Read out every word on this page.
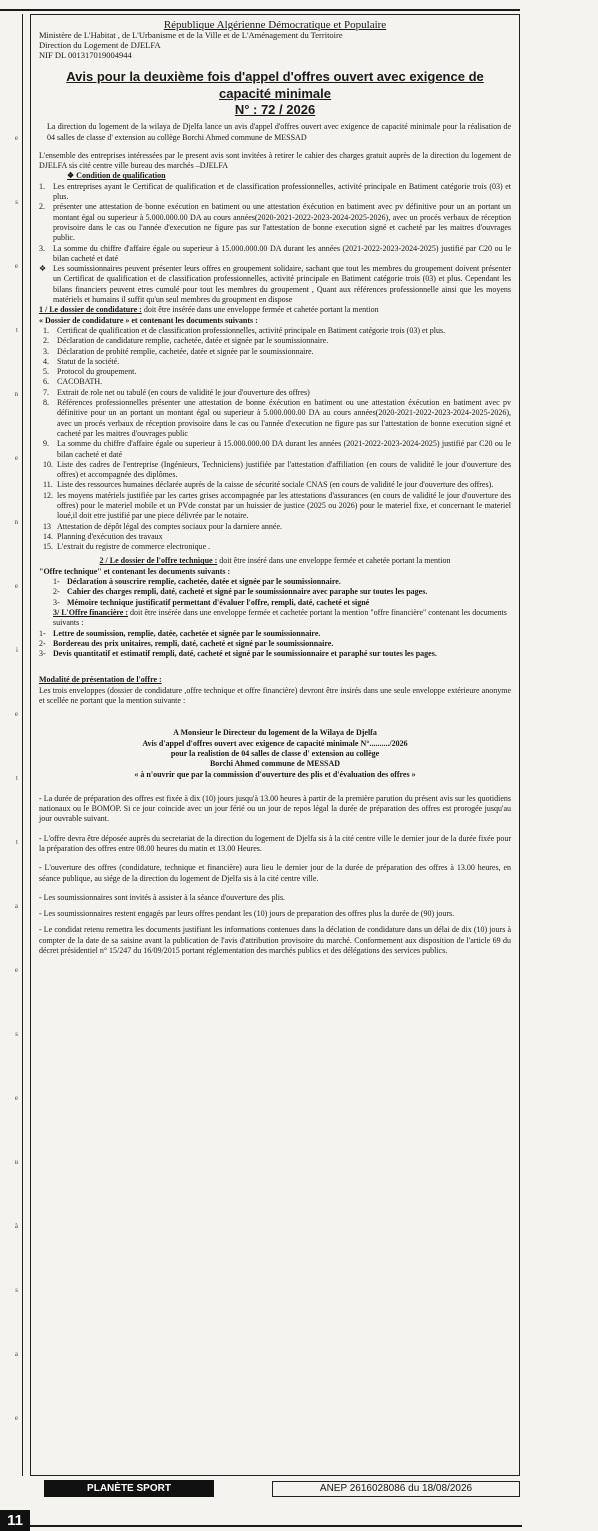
e
s
e
t
n
e
n
e
i
e
t
t
a
e
s
e
u
à
s
a
e
République Algérienne Démocratique et Populaire
Ministère de L'Habitat , de L'Urbanisme et de la Ville et de L'Aménagement du Territoire
Direction du Logement de DJELFA
NIF DL 001317019004944
Avis pour la deuxième fois d'appel d'offres ouvert avec exigence de capacité minimale
N° : 72 / 2026

La direction du logement de la wilaya de Djelfa lance un avis d'appel d'offres ouvert avec exigence de capacité minimale pour la réalisation de 04 salles de classe d' extension au collège Borchi Ahmed commune de MESSAD

L'ensemble des entreprises intéressées par le present avis sont invitées à retirer le cahier des charges gratuit auprès de la direction du logement de DJELFA sis cité centre ville bureau des marchés –DJELFA

❖ Condition de qualification
1.	Les entreprises ayant le Certificat de qualification et de classification professionnelles, activité principale en Batiment catégorie trois (03) et plus.
2.	présenter une attestation de bonne exécution en batiment ou une attestation éxécution en batiment avec pv définitive pour un an portant un montant égal ou superieur à 5.000.000.00 DA au cours années(2020-2021-2022-2023-2024-2025-2026), avec un procés verbaux de réception provisoire dans le cas ou l'année d'execution ne figure pas sur l'attestation de bonne execution signé et cacheté par les maitres d'ouvrages public.
3.	La somme du chiffre d'affaire égale ou superieur à 15.000.000.00 DA durant les années (2021-2022-2023-2024-2025) justifié par C20 ou le bilan cacheté et daté
❖ Les soumissionnaires peuvent présenter leurs offres en groupement solidaire, sachant que tout les membres du groupement doivent présenter un Certificat de qualification et de classification professionnelles, activité principale en Batiment catégorie trois (03) et plus. Cependant les bilans financiers peuvent etres cumulé pour tout les membres du groupement , Quant aux références professionnelle ainsi que les moyens matériels et humains il suffit qu'un seul membres du groupment en dispose
1 / Le dossier de condidature : doit être insérée dans une enveloppe fermée et cahetée portant la mention
« Dossier de condidature » et contenant les documents suivants :
1.	Certificat de qualification et de classification professionnelles, activité principale en Batiment catégorie trois (03) et plus.
2.	Déclaration de candidature remplie, cachetée, datée et signée par le soumissionnaire.
3.	Déclaration de probité remplie, cachetée, datée et signée par le soumissionnaire.
4.	Statut de la société.
5.	Protocol du groupement.
6.	CACOBATH.
7.	Extrait de role net ou tabulé (en cours de validité le jour d'ouverture des offres)
8.	Références professionnelles présenter une attestation de bonne éxécution en batiment ou une attestation éxécution en batiment avec pv définitive pour un an portant un montant égal ou superieur à 5.000.000.00 DA au cours années(2020-2021-2022-2023-2024-2025-2026), avec un procés verbaux de réception provisoire dans le cas ou l'année d'execution ne figure pas sur l'attestation de bonne execution signé et cacheté par les maitres d'ouvrages public
9.	La somme du chiffre d'affaire égale ou superieur à 15.000.000.00 DA durant les années (2021-2022-2023-2024-2025) justifié par C20 ou le bilan cacheté et daté
10. Liste des cadres de l'entreprise (Ingénieurs, Techniciens) justifiée par l'attestation d'affiliation (en cours de validité le jour d'ouverture des offres) et accompagnée des diplômes.
11. Liste des ressources humaines déclarée auprès de la caisse de sécurité sociale CNAS (en cours de validité le jour d'ouverture des offres).
12. les moyens matériels justifiée par les cartes grises accompagnée par les attestations d'assurances (en cours de validité le jour d'ouverture des offres) pour le materiel mobile et un PVde constat par un huissier de justice (2025 ou 2026) pour le materiel fixe, et concernant le materiel loué,il doit etre justifié par une piece délivrée par le notaire.
13 Attestation de dépôt légal des comptes sociaux pour la darniere année.
14. Planning d'exécution des travaux
15. L'extrait du registre de commerce electronique .
2 / Le dossier de l'offre technique : doit être inséré dans une enveloppe fermée et cahetée portant la mention
"Offre technique" et contenant les documents suivants :
1- Déclaration à souscrire remplie, cachetée, datée et signée par le soumissionnaire.
2- Cahier des charges rempli, daté, cacheté et signé par le soumissionnaire avec paraphe sur toutes les pages.
3- Mémoire technique justificatif permettant d'évaluer l'offre, rempli, daté, cacheté et signé
3/ L'Offre financière : doit être insérée dans une enveloppe fermée et cachetée portant la mention "offre financière" contenant les documents suivants :
1- Lettre de soumission, remplie, datée, cachetée et signée par le soumissionnaire.
2- Bordereau des prix unitaires, rempli, daté, cacheté et signé par le soumissionnaire.
3- Devis quantitatif et estimatif rempli, daté, cacheté et signé par le soumissionnaire et paraphé sur toutes les pages.
Modalité de présentation de l'offre :

Les trois enveloppes (dossier de condidature ,offre technique et offre financière) devront être insirés dans une seule enveloppe extérieure anonyme et scellée ne portant que la mention suivante :

A Monsieur le Directeur du logement de la Wilaya de Djelfa
Avis d'appel d'offres ouvert avec exigence de capacité minimale N°........../2026
pour la realistion de 04 salles de classe d' extension au collège
Borchi Ahmed commune de MESSAD
« à n'ouvrir que par la commission d'ouverture des plis et d'évaluation des offres »

- La durée de préparation des offres est fixée à dix (10) jours jusqu'à 13.00 heures à partir de la première parution du présent avis sur les quotidiens nationaux ou le BOMOP. Si ce jour coincide avec un jour férié ou un jour de repos légal la durée de préparation des offres est prorogée jusqu'au jour ouvrable suivant.

- L'offre devra être déposée auprès du secretariat de la direction du logement de Djelfa sis à la cité centre ville le dernier jour de la durée fixée pour la préparation des offres entre 08.00 heures du matin et 13.00 Heures.

- L'ouverture des offres (condidature, technique et financière) aura lieu le dernier jour de la durée de préparation des offres à 13.00 heures, en séance publique, au siége de la direction du logement de Djelfa sis à la cité centre ville.

- Les soumissionnaires sont invités à assister à la séance d'ouverture des plis.

- Les soumissionnaires restent engagés par leurs offres pendant les (10) jours de preparation des offres plus la durée de (90) jours.

- Le condidat retenu remettra les documents justifiant les informations contenues dans la déclation de condidature dans un délai de dix (10) jours à compter de la date de sa saisine avant la publication de l'avis d'attribution provisoire du marché. Conformement aux disposition de l'article 69 du décret présidentiel n° 15/247 du 16/09/2015 portant réglementation des marchés publics et des délégations des services publics.

PLANÈTE SPORT	ANEP 2616028086 du 18/08/2026
11
